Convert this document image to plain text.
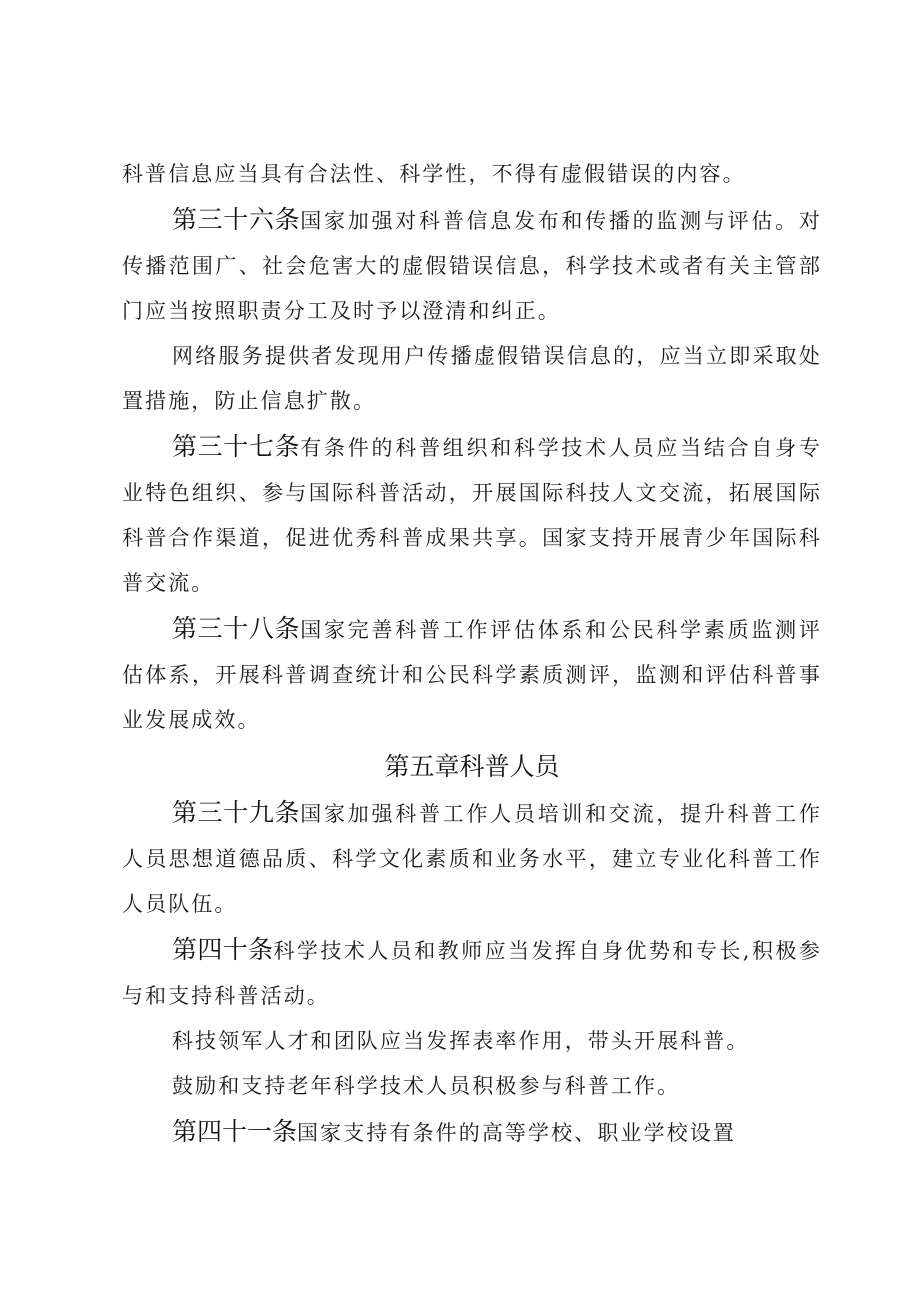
科普信息应当具有合法性、科学性，不得有虚假错误的内容。

第三十六条国家加强对科普信息发布和传播的监测与评估。对传播范围广、社会危害大的虚假错误信息，科学技术或者有关主管部门应当按照职责分工及时予以澄清和纠正。

网络服务提供者发现用户传播虚假错误信息的，应当立即采取处置措施，防止信息扩散。

第三十七条有条件的科普组织和科学技术人员应当结合自身专业特色组织、参与国际科普活动，开展国际科技人文交流，拓展国际科普合作渠道，促进优秀科普成果共享。国家支持开展青少年国际科普交流。

第三十八条国家完善科普工作评估体系和公民科学素质监测评估体系，开展科普调查统计和公民科学素质测评，监测和评估科普事业发展成效。

第五章科普人员

第三十九条国家加强科普工作人员培训和交流，提升科普工作人员思想道德品质、科学文化素质和业务水平，建立专业化科普工作人员队伍。

第四十条科学技术人员和教师应当发挥自身优势和专长,积极参与和支持科普活动。

科技领军人才和团队应当发挥表率作用，带头开展科普。

鼓励和支持老年科学技术人员积极参与科普工作。

第四十一条国家支持有条件的高等学校、职业学校设置
